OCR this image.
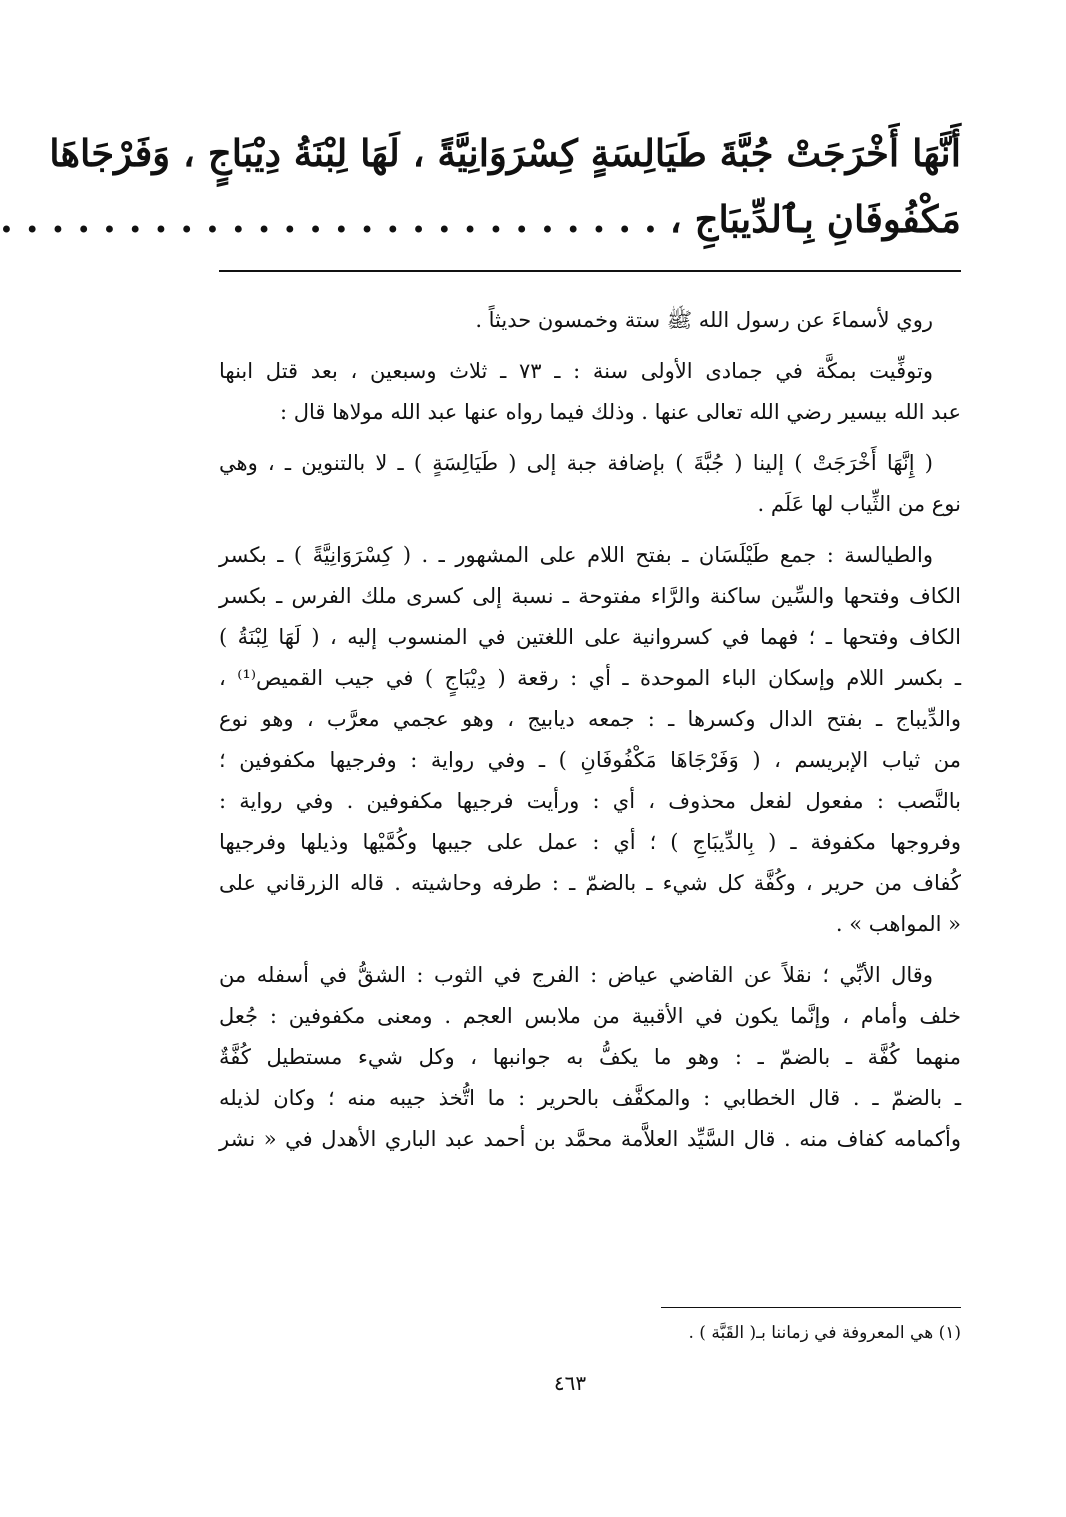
أَنَّهَا أَخْرَجَتْ جُبَّةَ طَيَالِسَةٍ كِسْرَوَانِيَّةً ، لَهَا لِبْنَةُ دِيْبَاجٍ ، وَفَرْجَاهَا
مَكْفُوفَانِ بِٱلدِّيبَاجِ ، . . . . . . . . . . . . . . . . . . . . . . . . . .

روي لأسماءَ عن رسول الله ﷺ ستة وخمسون حديثاً .

وتوفِّيت بمكَّة في جمادى الأولى سنة : ـ ٧٣ ـ ثلاث وسبعين ، بعد قتل ابنها
عبد الله بيسير رضي الله تعالى عنها . وذلك فيما رواه عنها عبد الله مولاها قال :

( إِنَّهَا أَخْرَجَتْ ) إلينا ( جُبَّةَ ) بإضافة جبة إلى ( طَيَالِسَةٍ ) ـ لا بالتنوين ـ ، وهي
نوع من الثِّياب لها عَلَم .

والطيالسة : جمع طَيْلَسَان ـ بفتح اللام على المشهور ـ . ( كِسْرَوَانِيَّةً ) ـ بكسر
الكاف وفتحها والسِّين ساكنة والرَّاء مفتوحة ـ نسبة إلى كسرى ملك الفرس ـ بكسر
الكاف وفتحها ـ ؛ فهما في كسروانية على اللغتين في المنسوب إليه ، ( لَهَا لِبْنَةُ )
ـ بكسر اللام وإسكان الباء الموحدة ـ أي : رقعة ( دِيْبَاجٍ ) في جيب القميص⁽¹⁾ ،
والدِّيباج ـ بفتح الدال وكسرها ـ : جمعه ديابيج ، وهو عجمي معرَّب ، وهو نوع
من ثياب الإبريسم ، ( وَفَرْجَاهَا مَكْفُوفَانِ ) ـ وفي رواية : وفرجيها مكفوفين ؛
بالنَّصب : مفعول لفعل محذوف ، أي : ورأيت فرجيها مكفوفين . وفي رواية :
وفروجها مكفوفة ـ ( بِالدِّيبَاجِ ) ؛ أي : عمل على جيبها وكُمَّيْها وذيلها وفرجيها
كُفاف من حرير ، وكُفَّة كل شيء ـ بالضمّ ـ : طرفه وحاشيته . قاله الزرقاني على
« المواهب » .

وقال الأبِّي ؛ نقلاً عن القاضي عياض : الفرج في الثوب : الشقُّ في أسفله من
خلف وأمام ، وإنَّما يكون في الأقبية من ملابس العجم . ومعنى مكفوفين : جُعل
منهما كُفَّة ـ بالضمّ ـ : وهو ما يكفُّ به جوانبها ، وكل شيء مستطيل كُفَّةٌ
ـ بالضمّ ـ . قال الخطابي : والمكفَّف بالحرير : ما اتُّخذ جيبه منه ؛ وكان لذيله
وأكمامه كفاف منه . قال السَّيِّد العلاَّمة محمَّد بن أحمد عبد الباري الأهدل في « نشر

(١) هي المعروفة في زماننا بـ( القَبَّة ) .
٤٦٣
